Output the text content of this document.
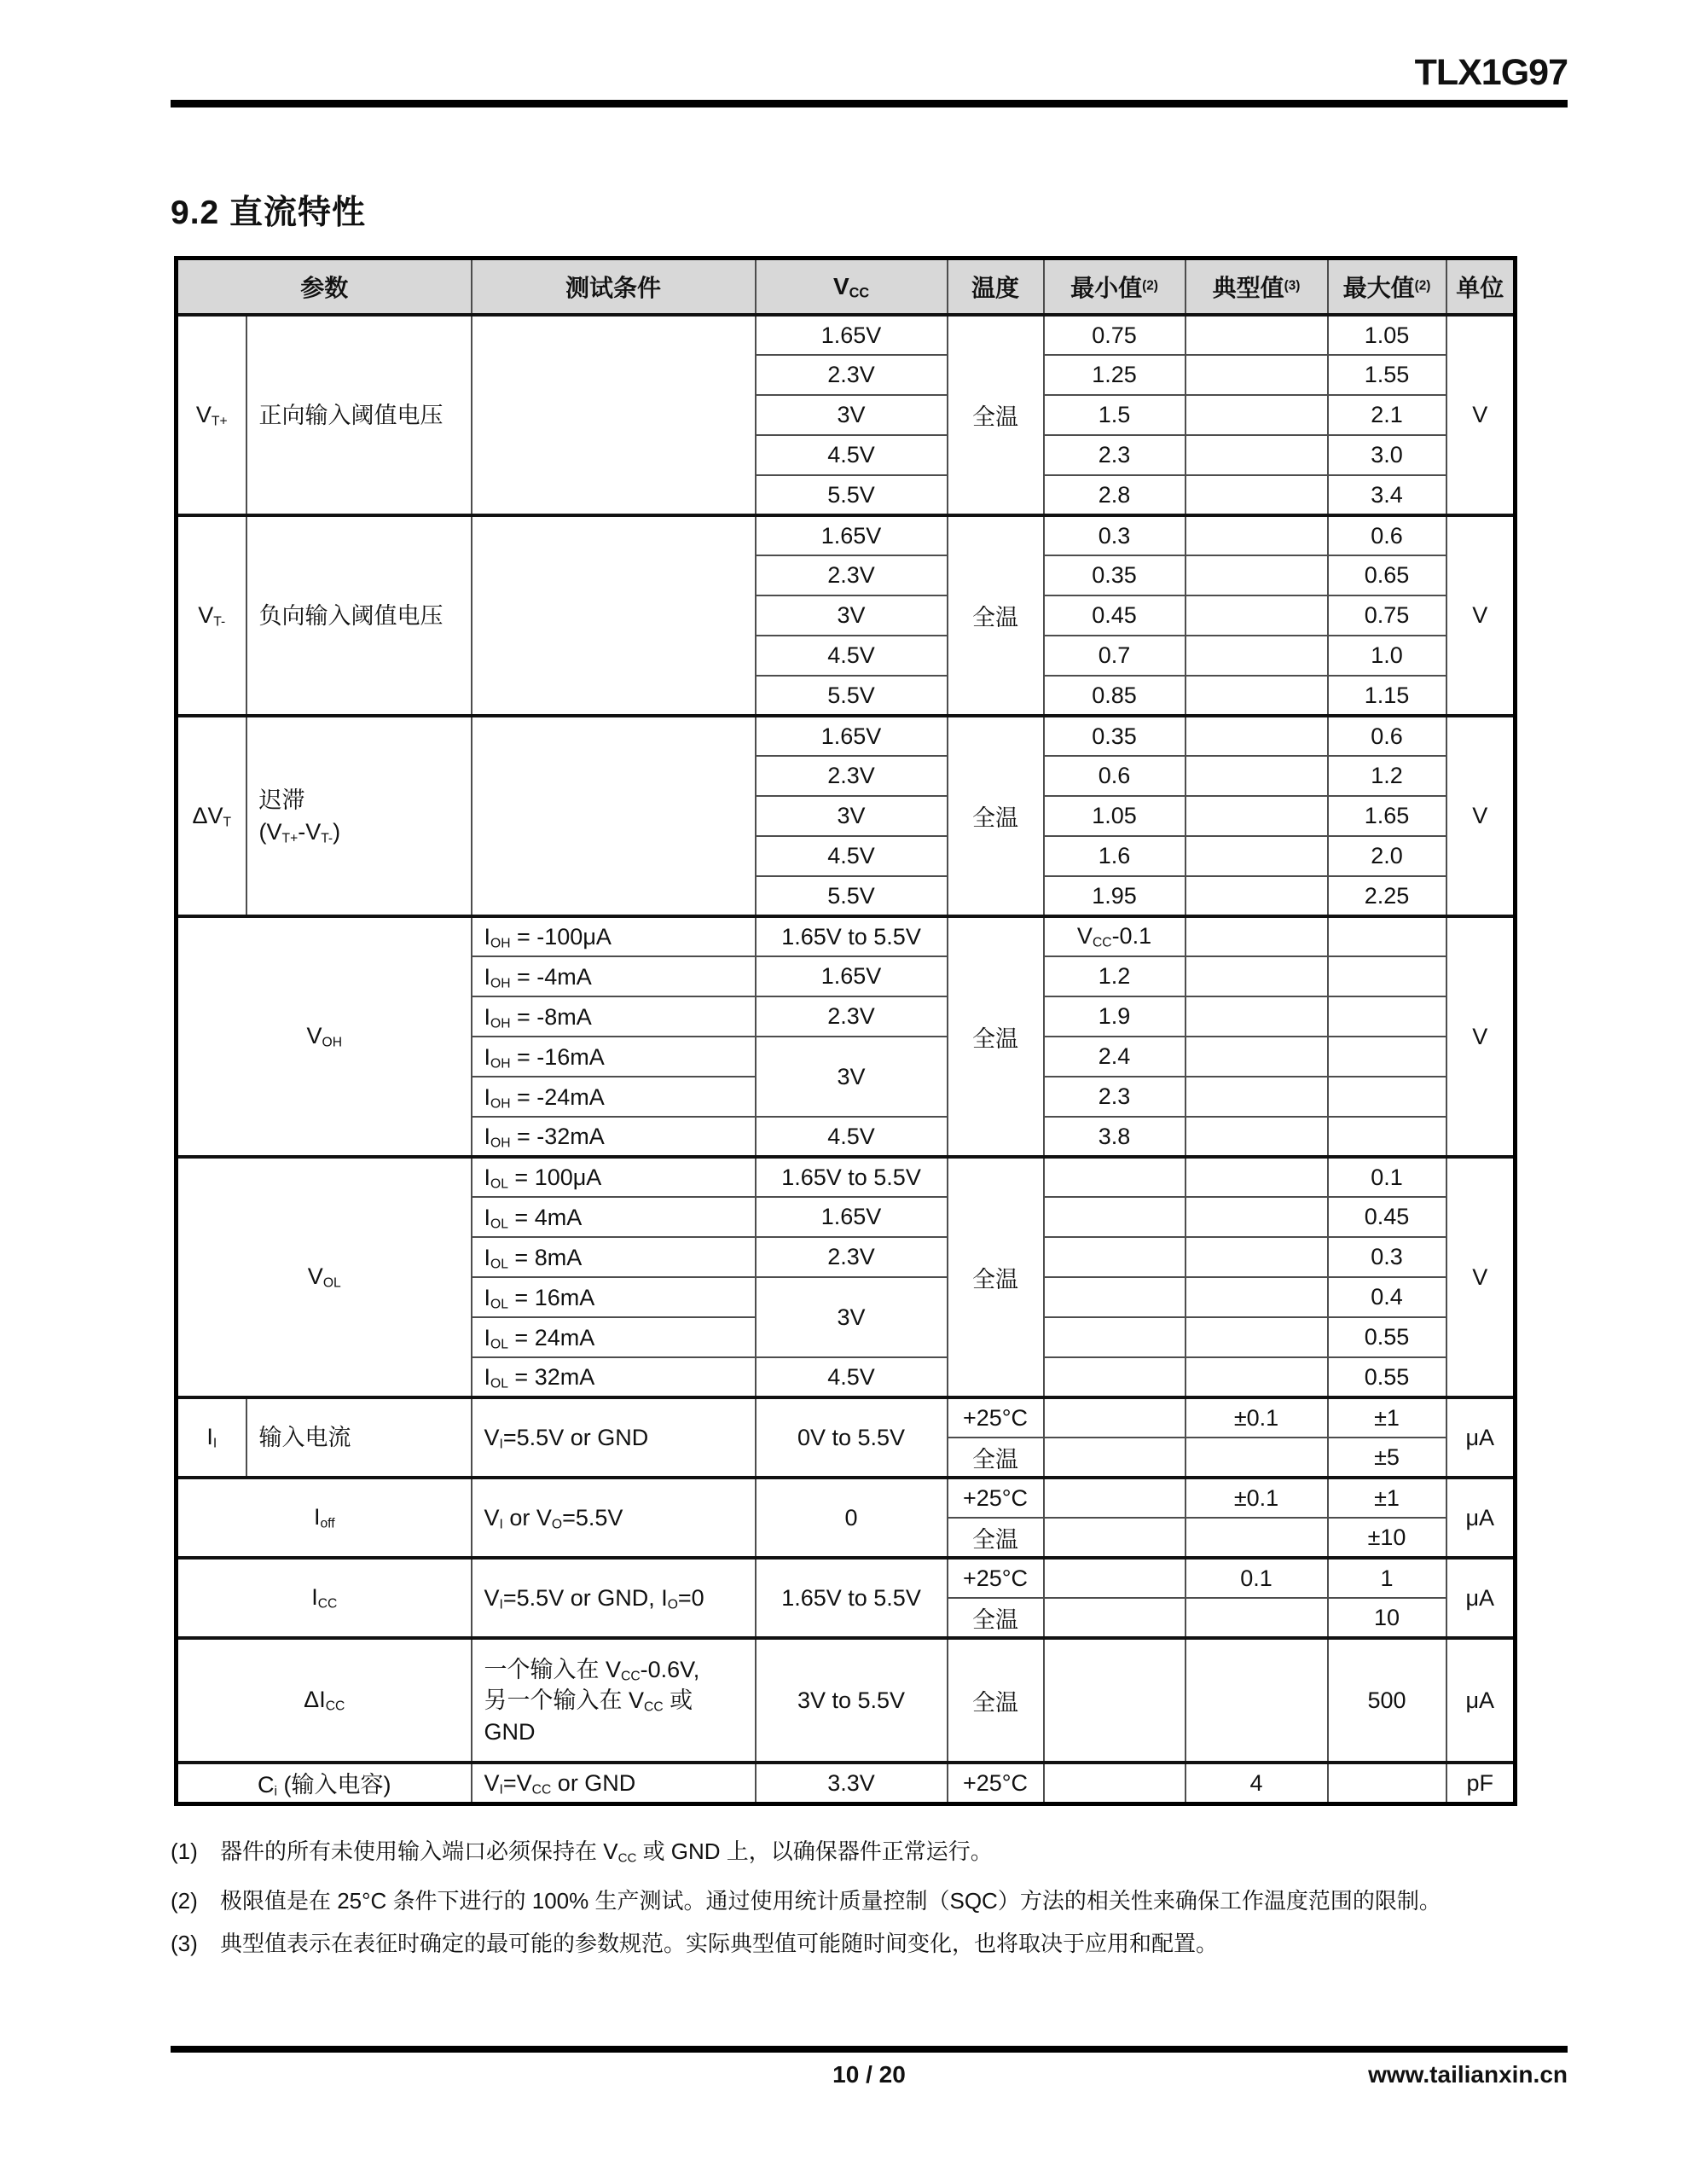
TLX1G97
9.2 直流特性
参数		测试条件	$V_{CC}$	温度	最小值$^{(2)}$	典型值$^{(3)}$	最大值$^{(2)}$	单位
$V_{T+}$	正向输入阈值电压		1.65V	全温	0.75		1.05	V
			2.3V		1.25		1.55	
			3V		1.5		2.1	
			4.5V		2.3		3.0	
			5.5V		2.8		3.4	
$V_{T-}$	负向输入阈值电压		1.65V	全温	0.3		0.6	V
			2.3V		0.35		0.65	
			3V		0.45		0.75	
			4.5V		0.7		1.0	
			5.5V		0.85		1.15	
$\Delta V_T$	迟滞
$(V_{T+}-V_{T-})$		1.65V	全温	0.35		0.6	V
			2.3V		0.6		1.2	
			3V		1.05		1.65	
			4.5V		1.6		2.0	
			5.5V		1.95		2.25	
$V_{OH}$		$I_{OH} = -100\mu A$	1.65V to 5.5V	全温	$V_{CC}-0.1$			V
		$I_{OH} = -4mA$	1.65V		1.2			
		$I_{OH} = -8mA$	2.3V		1.9			
		$I_{OH} = -16mA$	3V		2.4			
		$I_{OH} = -24mA$			2.3			
		$I_{OH} = -32mA$	4.5V		3.8			
$V_{OL}$		$I_{OL} = 100\mu A$	1.65V to 5.5V	全温			0.1	V
		$I_{OL} = 4mA$	1.65V				0.45	
		$I_{OL} = 8mA$	2.3V				0.3	
		$I_{OL} = 16mA$	3V				0.4	
		$I_{OL} = 24mA$					0.55	
		$I_{OL} = 32mA$	4.5V				0.55	
$I_I$	输入电流	$V_I=5.5V$ or GND	0V to 5.5V	+25°C		±0.1	±1	μA
				全温			±5	
$I_{off}$		$V_I$ or $V_O=5.5V$	0	+25°C		±0.1	±1	μA
				全温			±10	
$I_{CC}$		$V_I=5.5V$ or GND, $I_O=0$	1.65V to 5.5V	+25°C		0.1	1	μA
				全温			10	
$\Delta I_{CC}$		一个输入在 $V_{CC}-0.6V$,
另一个输入在 $V_{CC}$ 或
GND	3V to 5.5V	全温			500	μA
$C_i$ (输入电容)		$V_I=V_{CC}$ or GND	3.3V	+25°C		4		pF
(1)	器件的所有未使用输入端口必须保持在 $V_{CC}$ 或 GND 上，以确保器件正常运行。
(2)	极限值是在 25°C 条件下进行的 100% 生产测试。通过使用统计质量控制（SQC）方法的相关性来确保工作温度范围的限制。
(3)	典型值表示在表征时确定的最可能的参数规范。实际典型值可能随时间变化，也将取决于应用和配置。
10 / 20	www.tailianxin.cn
